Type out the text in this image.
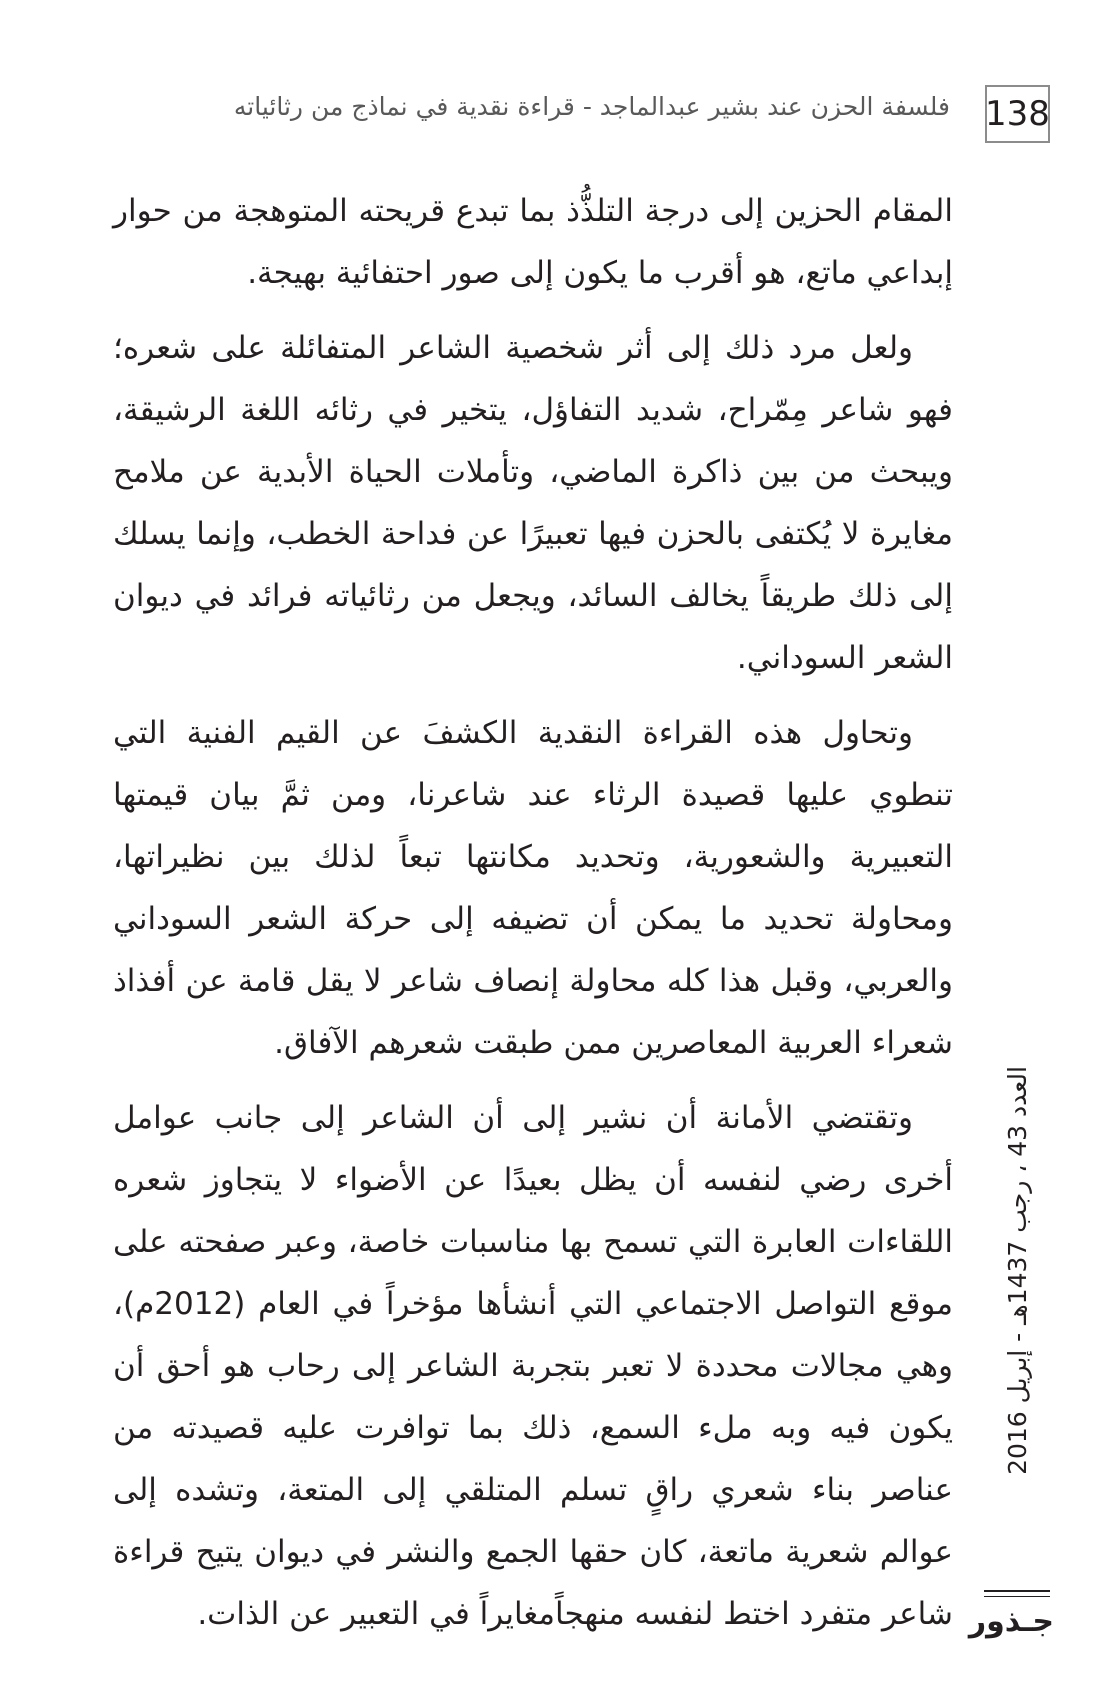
138
فلسفة الحزن عند بشير عبدالماجد - قراءة نقدية في نماذج من رثائياته

المقام الحزين إلى درجة التلذُّذ بما تبدع قريحته المتوهجة من حوار إبداعي ماتع، هو أقرب ما يكون إلى صور احتفائية بهيجة.

ولعل مرد ذلك إلى أثر شخصية الشاعر المتفائلة على شعره؛ فهو شاعر مِمّراح، شديد التفاؤل، يتخير في رثائه اللغة الرشيقة، ويبحث من بين ذاكرة الماضي، وتأملات الحياة الأبدية عن ملامح مغايرة لا يُكتفى بالحزن فيها تعبيرًا عن فداحة الخطب، وإنما يسلك إلى ذلك طريقاً يخالف السائد، ويجعل من رثائياته فرائد في ديوان الشعر السوداني.

وتحاول هذه القراءة النقدية الكشفَ عن القيم الفنية التي تنطوي عليها قصيدة الرثاء عند شاعرنا، ومن ثمَّ بيان قيمتها التعبيرية والشعورية، وتحديد مكانتها تبعاً لذلك بين نظيراتها، ومحاولة تحديد ما يمكن أن تضيفه إلى حركة الشعر السوداني والعربي، وقبل هذا كله محاولة إنصاف شاعر لا يقل قامة عن أفذاذ شعراء العربية المعاصرين ممن طبقت شعرهم الآفاق.

وتقتضي الأمانة أن نشير إلى أن الشاعر إلى جانب عوامل أخرى رضي لنفسه أن يظل بعيدًا عن الأضواء لا يتجاوز شعره اللقاءات العابرة التي تسمح بها مناسبات خاصة، وعبر صفحته على موقع التواصل الاجتماعي التي أنشأها مؤخراً في العام (2012م)، وهي مجالات محددة لا تعبر بتجربة الشاعر إلى رحاب هو أحق أن يكون فيه وبه ملء السمع، ذلك بما توافرت عليه قصيدته من عناصر بناء شعري راقٍ تسلم المتلقي إلى المتعة، وتشده إلى عوالم شعرية ماتعة، كان حقها الجمع والنشر في ديوان يتيح قراءة شاعر متفرد اختط لنفسه منهجاًمغايراً في التعبير عن الذات.

العدد 43 ، رجب 1437هـ - إبريل 2016
جـذور
